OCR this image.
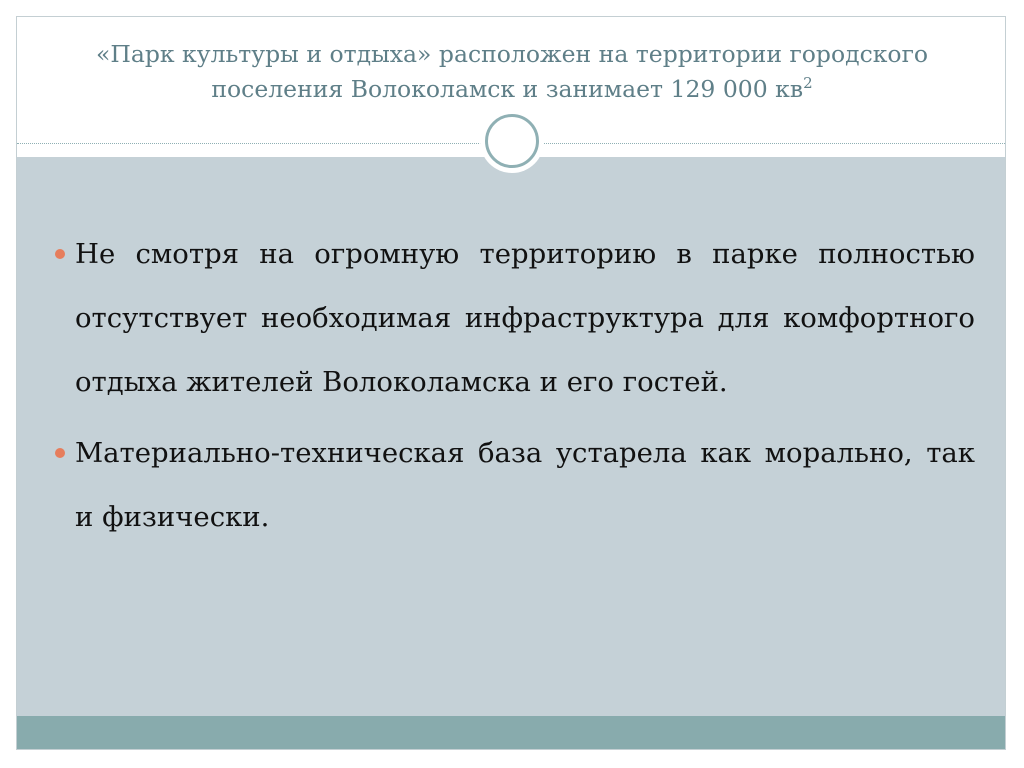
«Парк культуры и отдыха» расположен на территории городского
поселения Волоколамск и занимает 129 000 $кв^2$
Не смотря на огромную территорию в парке полностью отсутствует необходимая инфраструктура для комфортного отдыха жителей Волоколамска и его гостей.
Материально-техническая база устарела как морально, так и физически.
